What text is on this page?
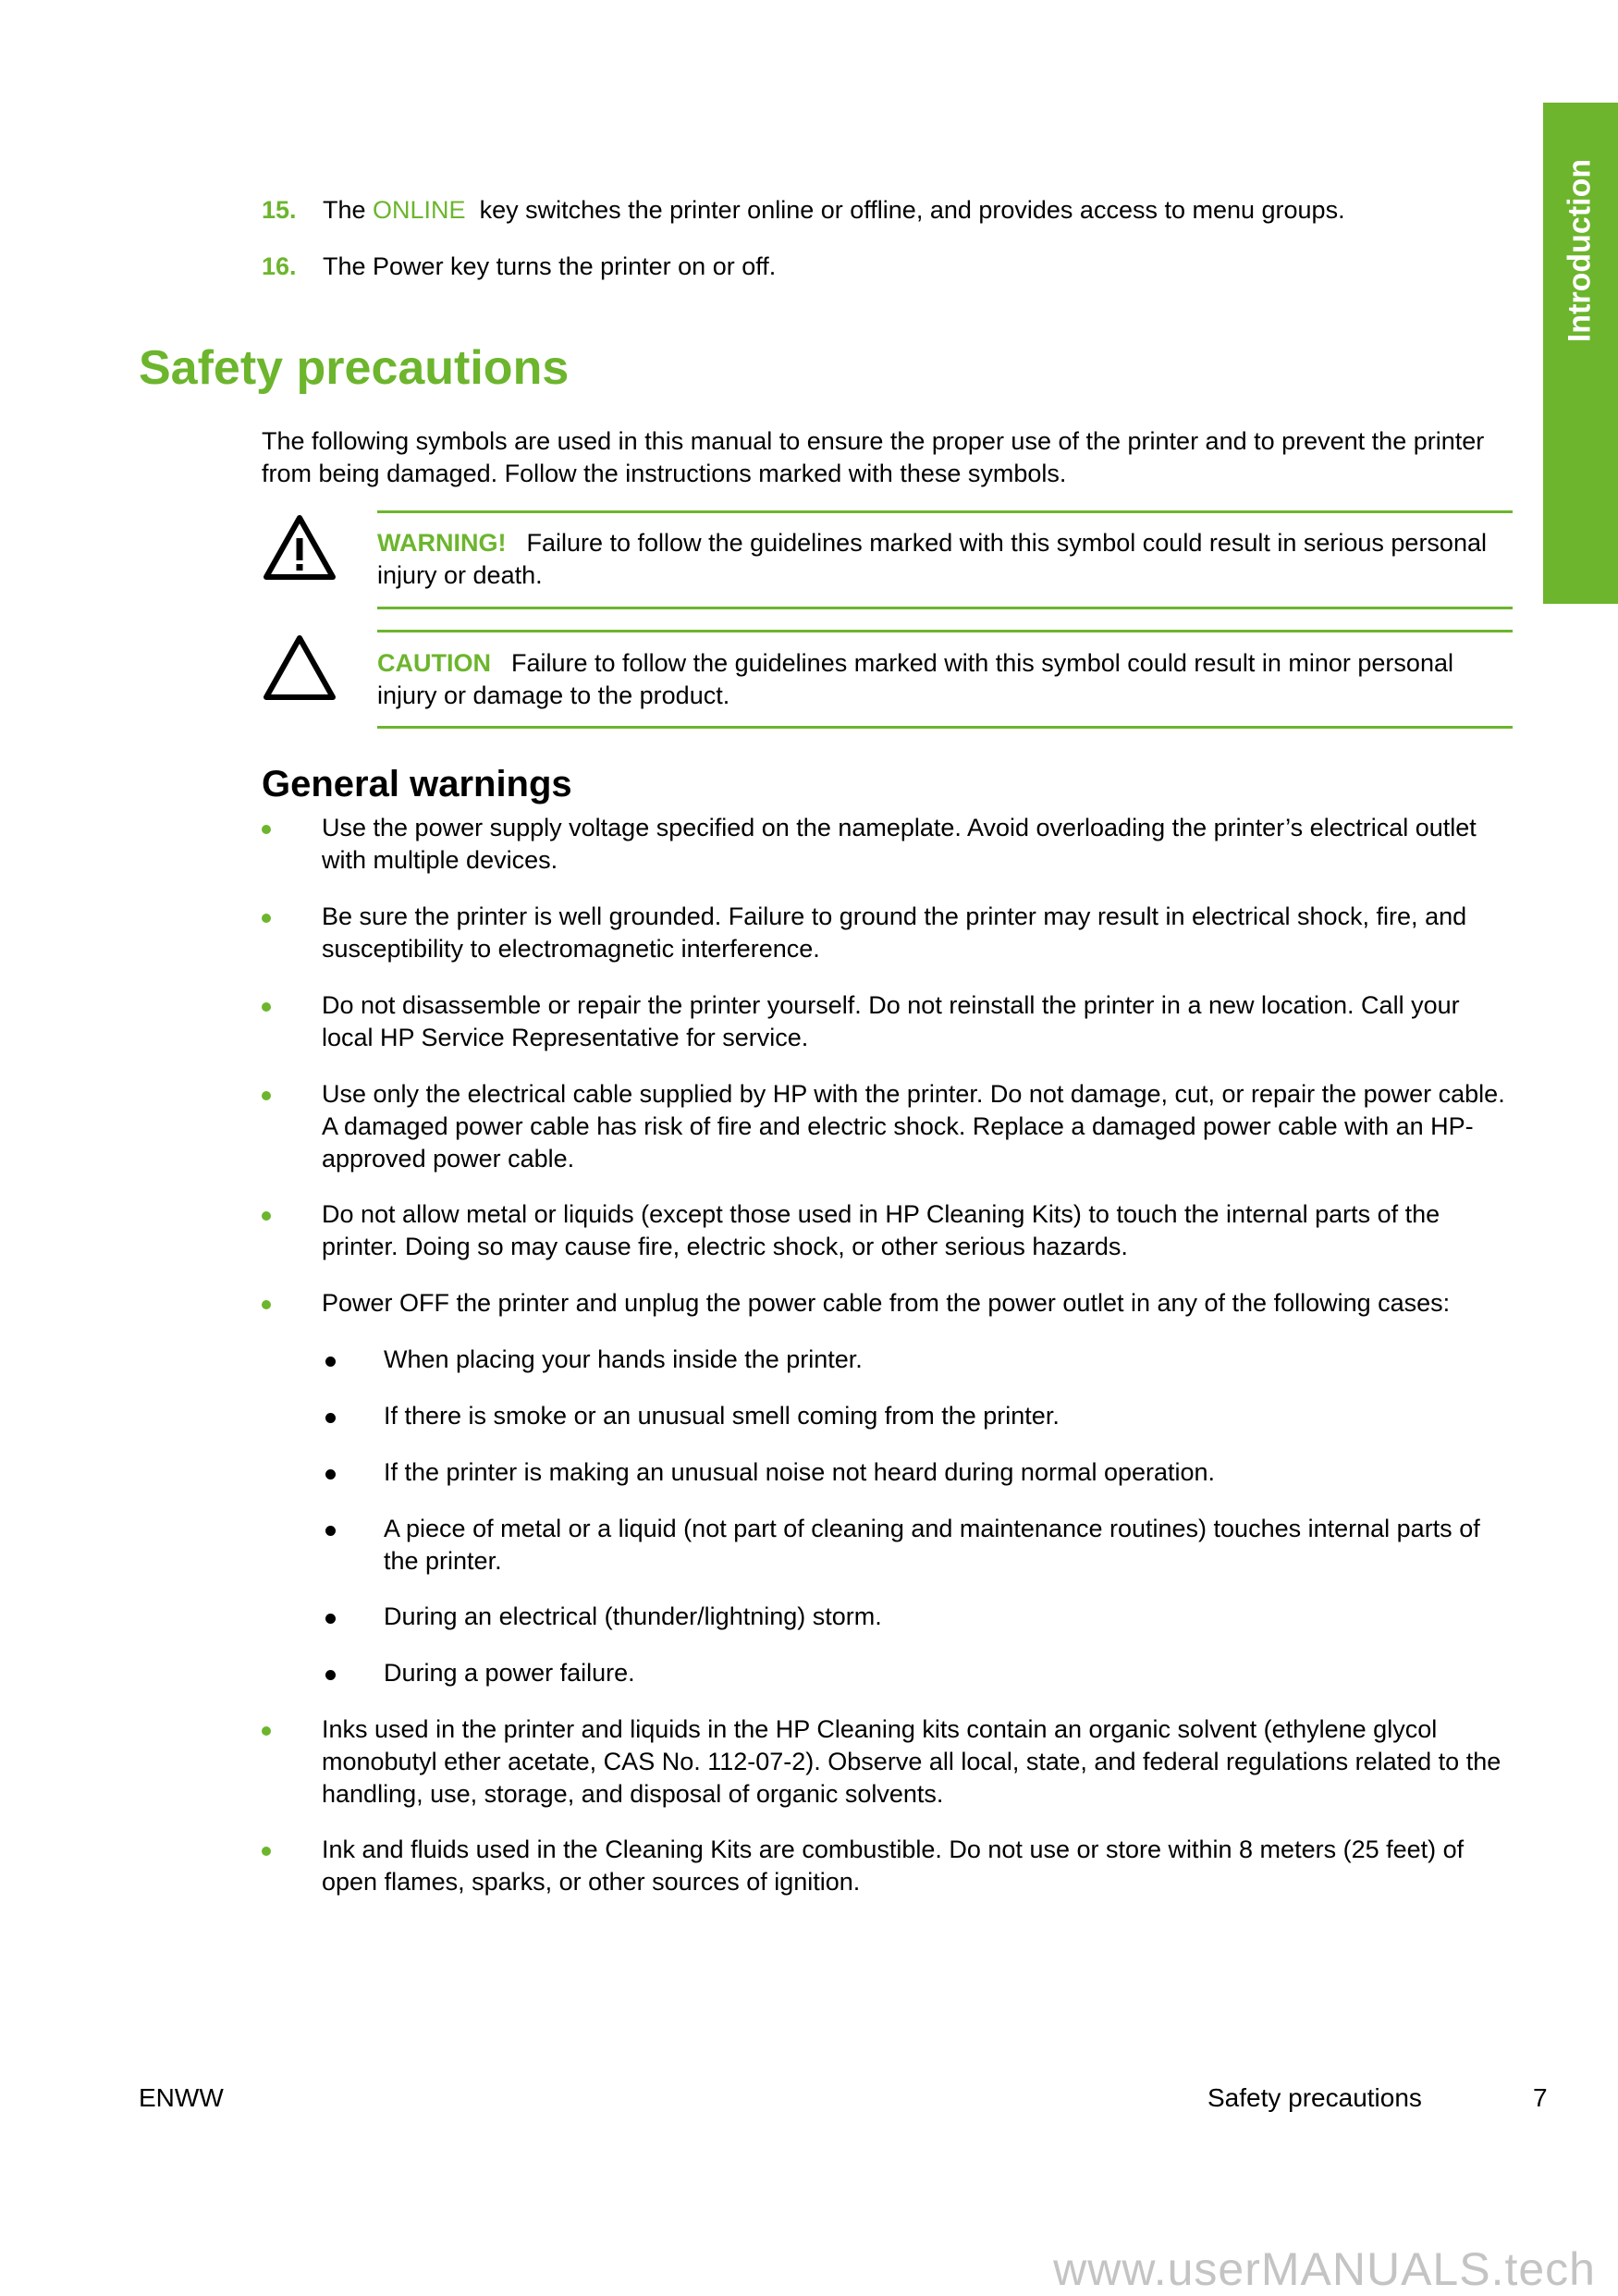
Introduction
15. The ONLINE  key switches the printer online or offline, and provides access to menu groups.
16. The Power key turns the printer on or off.
Safety precautions

The following symbols are used in this manual to ensure the proper use of the printer and to prevent the printer from being damaged. Follow the instructions marked with these symbols.

WARNING! Failure to follow the guidelines marked with this symbol could result in serious personal injury or death.
CAUTION Failure to follow the guidelines marked with this symbol could result in minor personal injury or damage to the product.
General warnings
Use the power supply voltage specified on the nameplate. Avoid overloading the printer’s electrical outlet with multiple devices.
Be sure the printer is well grounded. Failure to ground the printer may result in electrical shock, fire, and susceptibility to electromagnetic interference.
Do not disassemble or repair the printer yourself. Do not reinstall the printer in a new location. Call your local HP Service Representative for service.
Use only the electrical cable supplied by HP with the printer. Do not damage, cut, or repair the power cable. A damaged power cable has risk of fire and electric shock. Replace a damaged power cable with an HP-approved power cable.
Do not allow metal or liquids (except those used in HP Cleaning Kits) to touch the internal parts of the printer. Doing so may cause fire, electric shock, or other serious hazards.
Power OFF the printer and unplug the power cable from the power outlet in any of the following cases:
When placing your hands inside the printer.
If there is smoke or an unusual smell coming from the printer.
If the printer is making an unusual noise not heard during normal operation.
A piece of metal or a liquid (not part of cleaning and maintenance routines) touches internal parts of the printer.
During an electrical (thunder/lightning) storm.
During a power failure.
Inks used in the printer and liquids in the HP Cleaning kits contain an organic solvent (ethylene glycol monobutyl ether acetate, CAS No. 112-07-2). Observe all local, state, and federal regulations related to the handling, use, storage, and disposal of organic solvents.
Ink and fluids used in the Cleaning Kits are combustible. Do not use or store within 8 meters (25 feet) of open flames, sparks, or other sources of ignition.
ENWW	Safety precautions	7
www.userMANUALS.tech
